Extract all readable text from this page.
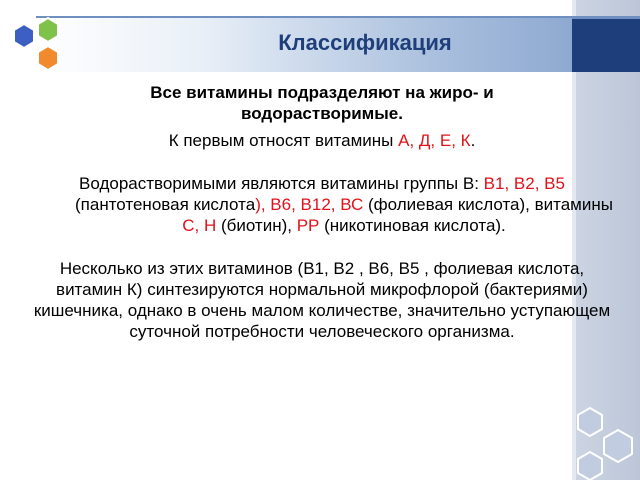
Классификация

Все витамины подразделяют на жиро- и водорастворимые.

К первым относят витамины А, Д, Е, К.

Водорастворимыми являются витамины группы В: B1, B2, B5 (пантотеновая кислота), B6, B12, ВС (фолиевая кислота), витамины С, Н (биотин), РР (никотиновая кислота).

Несколько из этих витаминов (B1, B2 , B6, B5 , фолиевая кислота, витамин К) синтезируются нормальной микрофлорой (бактериями) кишечника, однако в очень малом количестве, значительно уступающем суточной потребности человеческого организма.
